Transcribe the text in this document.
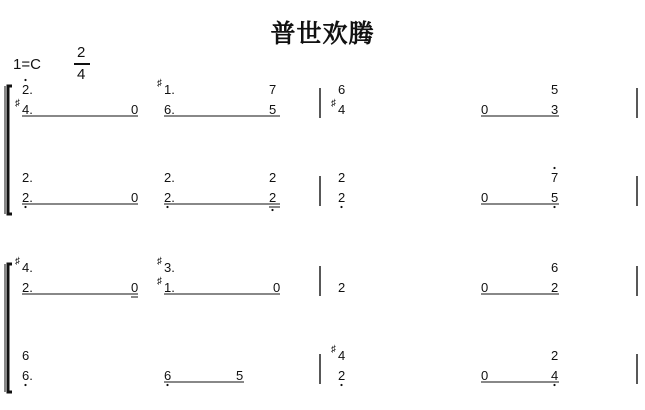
普世欢腾
1=C
2
4
2.
4.
♯	0
1.
♯	7
6.	5
6
4
♯
5
0	3
2.
2.	0
2.	2
2.	2
2
2
7
0	5
4.
♯
2.	0
3.
♯
1.
♯	0	2
6
0	2
6
6.	6	5
4
♯
2
2
0	4
